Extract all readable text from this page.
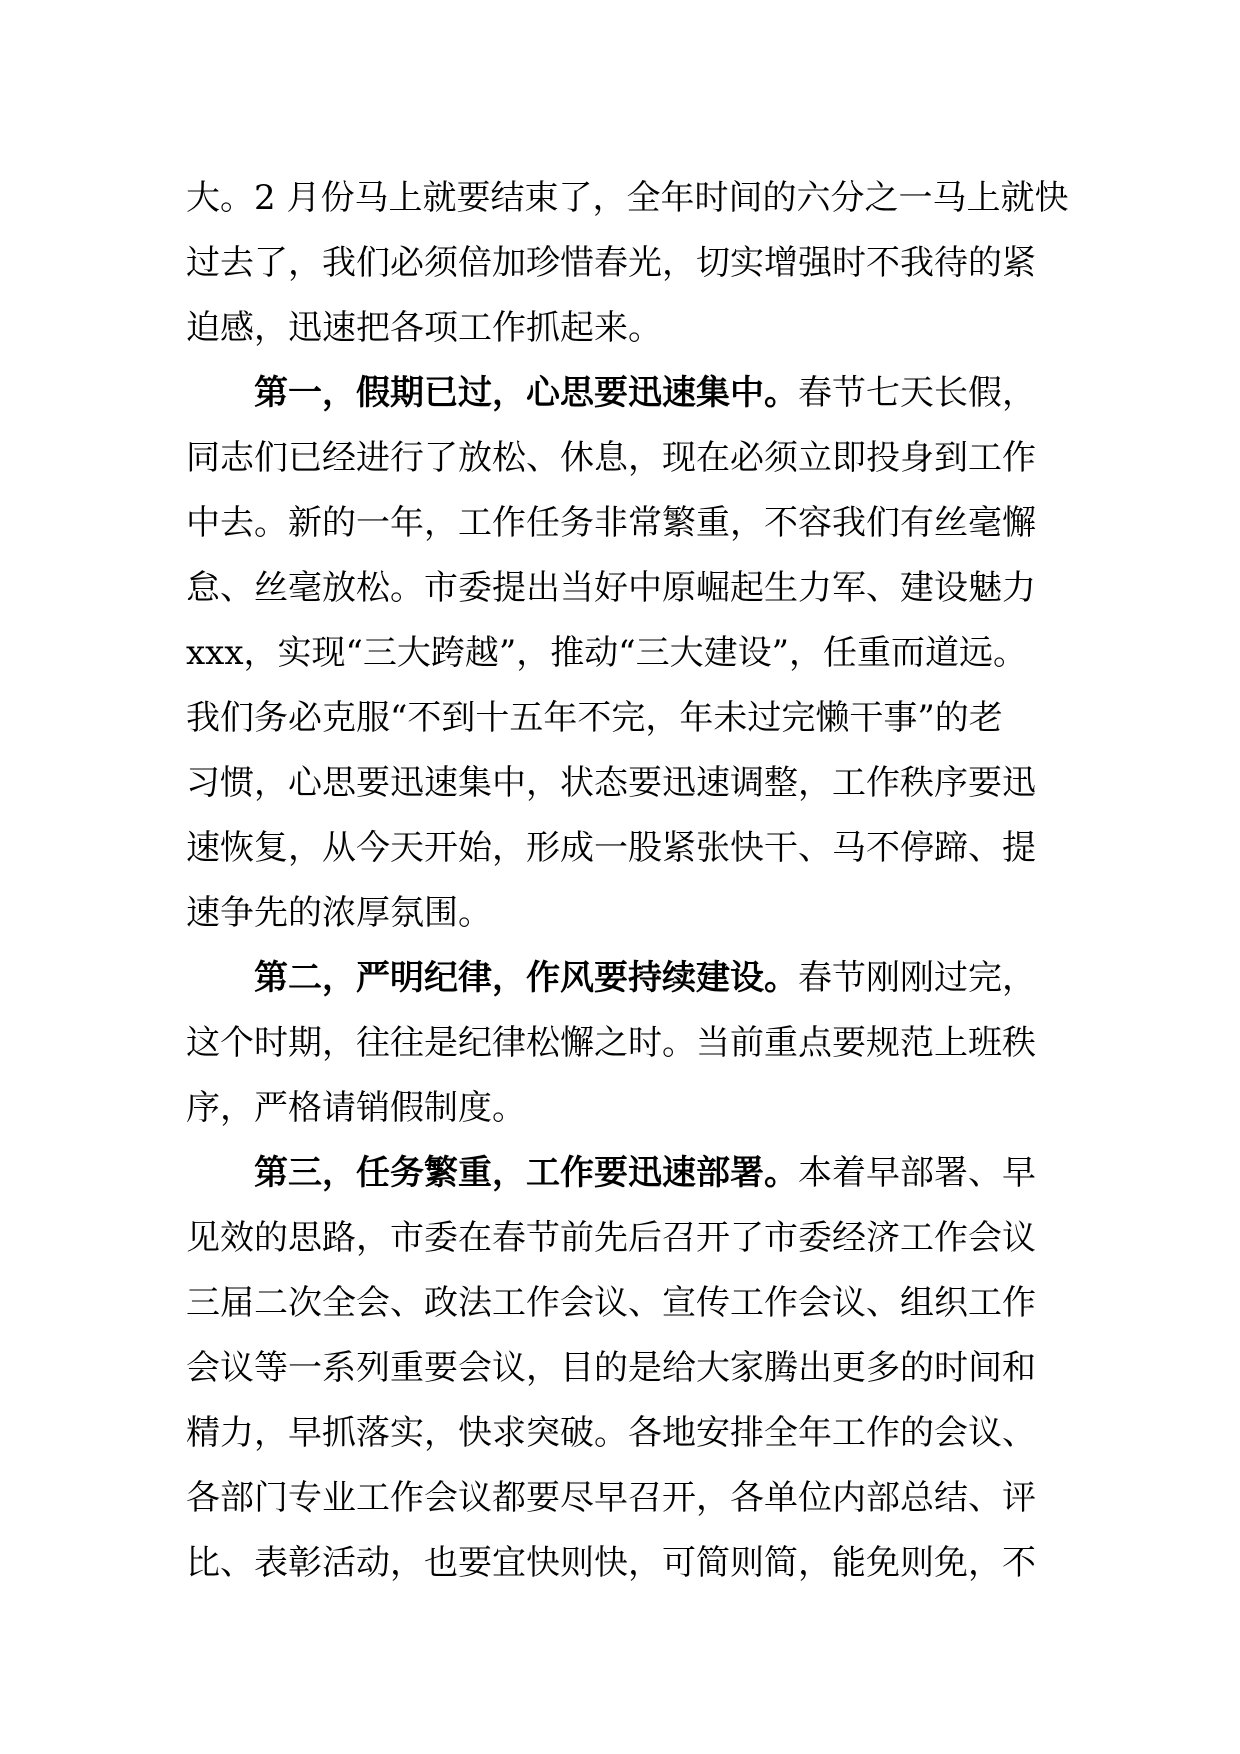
大。2 月份马上就要结束了，全年时间的六分之一马上就快
过去了，我们必须倍加珍惜春光，切实增强时不我待的紧
迫感，迅速把各项工作抓起来。
第一，假期已过，心思要迅速集中。春节七天长假，
同志们已经进行了放松、休息，现在必须立即投身到工作
中去。新的一年，工作任务非常繁重，不容我们有丝毫懈
怠、丝毫放松。市委提出当好中原崛起生力军、建设魅力
xxx，实现“三大跨越”，推动“三大建设”，任重而道远。
我们务必克服“不到十五年不完，年未过完懒干事”的老
习惯，心思要迅速集中，状态要迅速调整，工作秩序要迅
速恢复，从今天开始，形成一股紧张快干、马不停蹄、提
速争先的浓厚氛围。
第二，严明纪律，作风要持续建设。春节刚刚过完，
这个时期，往往是纪律松懈之时。当前重点要规范上班秩
序，严格请销假制度。
第三，任务繁重，工作要迅速部署。本着早部署、早
见效的思路，市委在春节前先后召开了市委经济工作会议
三届二次全会、政法工作会议、宣传工作会议、组织工作
会议等一系列重要会议，目的是给大家腾出更多的时间和
精力，早抓落实，快求突破。各地安排全年工作的会议、
各部门专业工作会议都要尽早召开，各单位内部总结、评
比、表彰活动，也要宜快则快，可简则简，能免则免，不
